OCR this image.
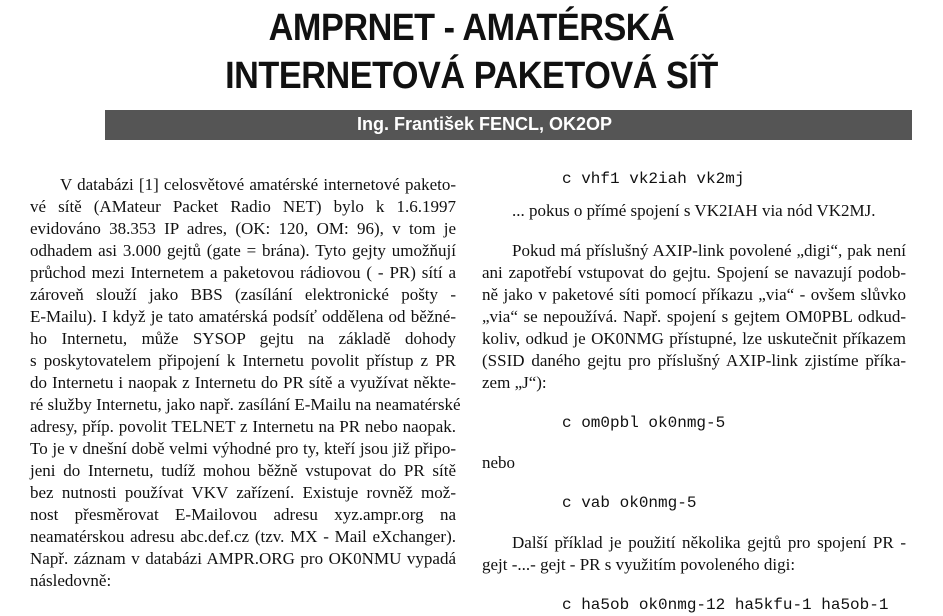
AMPRNET - AMATÉRSKÁ
INTERNETOVÁ PAKETOVÁ SÍŤ
Ing. František FENCL, OK2OP
V databázi [1] celosvětové amatérské internetové paketo-
vé sítě (AMateur Packet Radio NET) bylo k 1.6.1997
evidováno 38.353 IP adres, (OK: 120, OM: 96), v tom je
odhadem asi 3.000 gejtů (gate = brána). Tyto gejty umožňují
průchod mezi Internetem a paketovou rádiovou ( - PR) sítí a
zároveň slouží jako BBS (zasílání elektronické pošty -
E-Mailu). I když je tato amatérská podsíť oddělena od běžné-
ho Internetu, může SYSOP gejtu na základě dohody
s poskytovatelem připojení k Internetu povolit přístup z PR
do Internetu i naopak z Internetu do PR sítě a využívat někte-
ré služby Internetu, jako např. zasílání E-Mailu na neamatérské
adresy, příp. povolit TELNET z Internetu na PR nebo naopak.
To je v dnešní době velmi výhodné pro ty, kteří jsou již připo-
jeni do Internetu, tudíž mohou běžně vstupovat do PR sítě
bez nutnosti používat VKV zařízení. Existuje rovněž mož-
nost přesměrovat E-Mailovou adresu xyz.ampr.org na
neamatérskou adresu abc.def.cz (tzv. MX - Mail eXchanger).
Např. záznam v databázi AMPR.ORG pro OK0NMU vypadá
následovně:
c vhf1 vk2iah vk2mj
... pokus o přímé spojení s VK2IAH via nód VK2MJ.
Pokud má příslušný AXIP-link povolené „digi“, pak není
ani zapotřebí vstupovat do gejtu. Spojení se navazují podob-
ně jako v paketové síti pomocí příkazu „via“ - ovšem slůvko
„via“ se nepoužívá. Např. spojení s gejtem OM0PBL odkud-
koliv, odkud je OK0NMG přístupné, lze uskutečnit příkazem
(SSID daného gejtu pro příslušný AXIP-link zjistíme příka-
zem „J“):
c om0pbl ok0nmg-5
nebo
c vab ok0nmg-5
Další příklad je použití několika gejtů pro spojení PR -
gejt -...- gejt - PR s využitím povoleného digi:
c ha5ob ok0nmg-12 ha5kfu-1 ha5ob-1
